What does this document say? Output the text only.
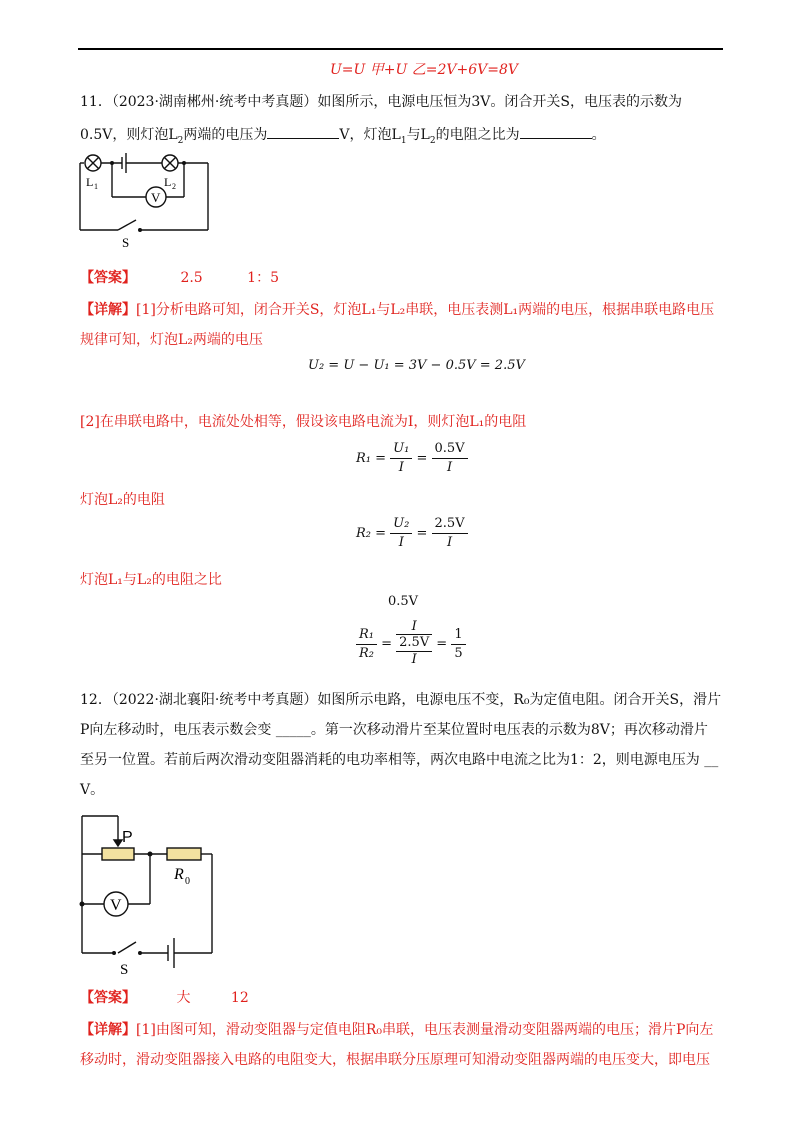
U=U 甲+U 乙=2V+6V=8V
11．（2023·湖南郴州·统考中考真题）如图所示，电源电压恒为3V。闭合开关S，电压表的示数为
0.5V，则灯泡$L_2$两端的电压为	V，灯泡$L_1$与$L_2$的电阻之比为	。
L 1	L 2
V
S
【答案】	2.5	1：5
【详解】[1]分析电路可知，闭合开关S，灯泡L₁与L₂串联，电压表测L₁两端的电压，根据串联电路电压
规律可知，灯泡L₂两端的电压
U₂ = U − U₁ = 3V − 0.5V = 2.5V
[2]在串联电路中，电流处处相等，假设该电路电流为I，则灯泡L₁的电阻
$R_1 = \frac{\text{U₁}}{I} = \frac{0.5V}{I}$
灯泡L₂的电阻
$R_2 = \frac{\text{U₂}}{I} = \frac{2.5V}{I}$
灯泡L₁与L₂的电阻之比
0.5V
$\frac{\text{R₁}}{\text{R₂}}$ =
I
2.5V
I
= $\frac{1}{5}$
12．（2022·湖北襄阳·统考中考真题）如图所示电路，电源电压不变，R₀为定值电阻。闭合开关S，滑片
P向左移动时，电压表示数会变 _____。第一次移动滑片至某位置时电压表的示数为8V；再次移动滑片
至另一位置。若前后两次滑动变阻器消耗的电功率相等，两次电路中电流之比为1：2，则电源电压为 __
V。
P
R 0
V
S
【答案】	大	12
【详解】[1]由图可知，滑动变阻器与定值电阻R₀串联，电压表测量滑动变阻器两端的电压；滑片P向左
移动时，滑动变阻器接入电路的电阻变大，根据串联分压原理可知滑动变阻器两端的电压变大，即电压
